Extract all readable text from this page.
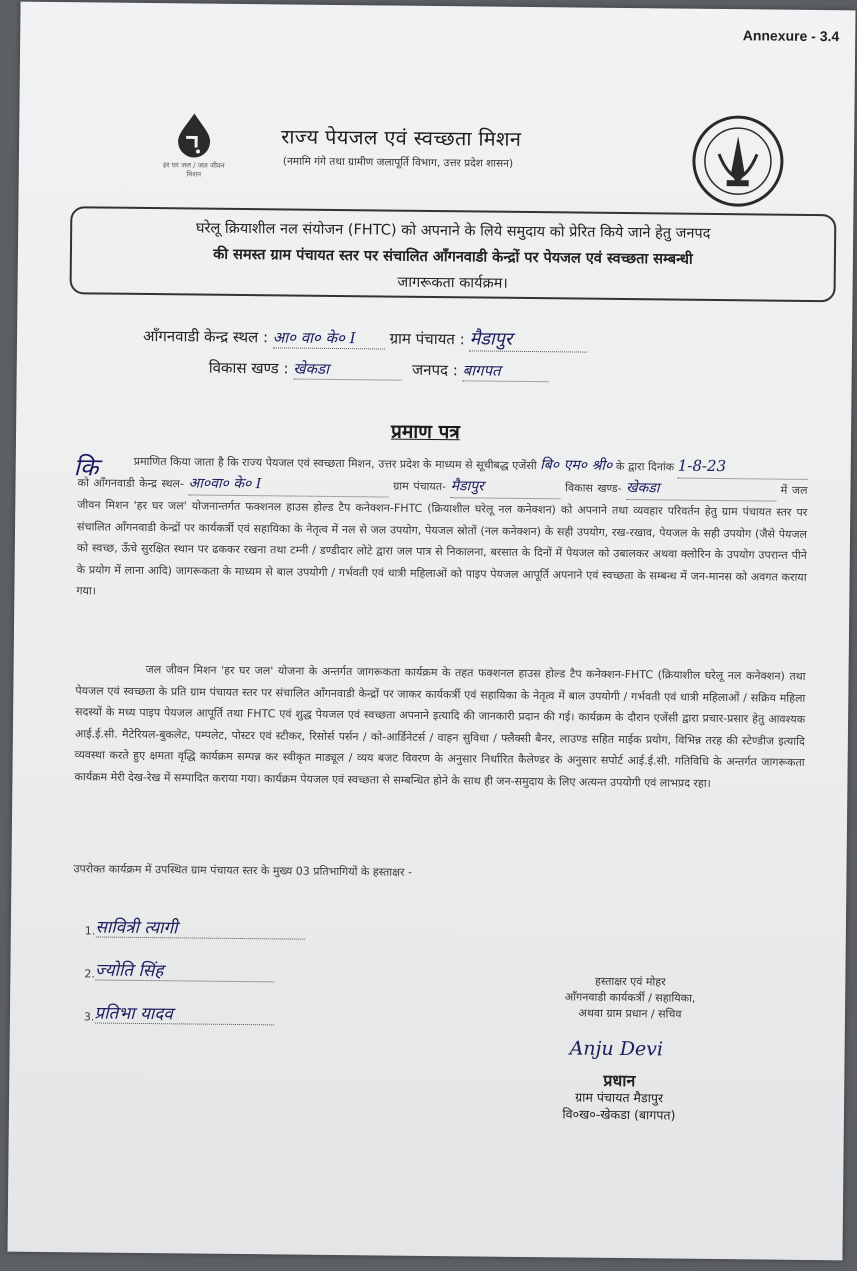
Annexure - 3.4
हर घर जल / जल जीवन मिशन
राज्य पेयजल एवं स्वच्छता मिशन
(नमामि गंगे तथा ग्रामीण जलापूर्ति विभाग, उत्तर प्रदेश शासन)
घरेलू क्रियाशील नल संयोजन (FHTC) को अपनाने के लिये समुदाय को प्रेरित किये जाने हेतु जनपद
की समस्त ग्राम पंचायत स्तर पर संचालित आँगनवाडी केन्द्रों पर पेयजल एवं स्वच्छता सम्बन्धी
जागरूकता कार्यक्रम।
आँगनवाडी केन्द्र स्थल : आ० वा० के० I ग्राम पंचायत : मैडापुर
विकास खण्ड : खेकडा	जनपद : बागपत
प्रमाण पत्र
कि	प्रमाणित किया जाता है कि राज्य पेयजल एवं स्वच्छता मिशन, उत्तर प्रदेश के माध्यम से सूचीबद्ध एजेंसी बि० एम० श्री० के द्वारा दिनांक 1-8-23 को आँगनवाडी केन्द्र स्थल- आ०वा० के० I	ग्राम पंचायत- मैडापुर	विकास खण्ड- खेकडा	में जल जीवन मिशन 'हर घर जल' योजनान्तर्गत फक्शनल हाउस होल्ड टैप कनेक्शन-FHTC (क्रियाशील घरेलू नल कनेक्शन) को अपनाने तथा व्यवहार परिवर्तन हेतु ग्राम पंचायत स्तर पर संचालित आँगनवाडी केन्द्रों पर कार्यकर्त्री एवं सहायिका के नेतृत्व में नल से जल उपयोग, पेयजल स्रोतों (नल कनेक्शन) के सही उपयोग, रख-रखाव, पेयजल के सही उपयोग (जैसे पेयजल को स्वच्छ, ऊँचे सुरक्षित स्थान पर ढककर रखना तथा टम्नी / डण्डीदार लोटे द्वारा जल पात्र से निकालना, बरसात के दिनों में पेयजल को उबालकर अथवा क्लोरिन के उपयोग उपरान्त पीने के प्रयोग में लाना आदि) जागरूकता के माध्यम से बाल उपयोगी / गर्भवती एवं धात्री महिलाओं को पाइप पेयजल आपूर्ति अपनाने एवं स्वच्छता के सम्बन्ध में जन-मानस को अवगत कराया गया।
जल जीवन मिशन 'हर घर जल' योजना के अन्तर्गत जागरूकता कार्यक्रम के तहत फक्शनल हाउस होल्ड टैप कनेक्शन-FHTC (क्रियाशील घरेलू नल कनेक्शन) तथा पेयजल एवं स्वच्छता के प्रति ग्राम पंचायत स्तर पर संचालित आँगनवाडी केन्द्रों पर जाकर कार्यकर्त्री एवं सहायिका के नेतृत्व में बाल उपयोगी / गर्भवती एवं धात्री महिलाओं / सक्रिय महिला सदस्यों के मध्य पाइप पेयजल आपूर्ति तथा FHTC एवं शुद्ध पेयजल एवं स्वच्छता अपनाने इत्यादि की जानकारी प्रदान की गई। कार्यक्रम के दौरान एजेंसी द्वारा प्रचार-प्रसार हेतु आवश्यक आई.ई.सी. मैटेरियल-बुकलेट, पम्पलेट, पोस्टर एवं स्टीकर, रिसोर्स पर्सन / को-आर्डिनेटर्स / वाहन सुविधा / फ्लैक्सी बैनर, लाउण्ड सहित माईक प्रयोग, विभिन्न तरह की स्टेण्डीज इत्यादि व्यवस्था करते हुए क्षमता वृद्धि कार्यक्रम सम्पन्न कर स्वीकृत माड्यूल / व्यय बजट विवरण के अनुसार निर्धारित कैलेण्डर के अनुसार सपोर्ट आई.ई.सी. गतिविधि के अन्तर्गत जागरूकता कार्यक्रम मेरी देख-रेख में सम्पादित कराया गया। कार्यक्रम पेयजल एवं स्वच्छता से सम्बन्धित होने के साथ ही जन-समुदाय के लिए अत्यन्त उपयोगी एवं लाभप्रद रहा।
उपरोक्त कार्यक्रम में उपस्थित ग्राम पंचायत स्तर के मुख्य 03 प्रतिभागियों के हस्ताक्षर -
1. सावित्री त्यागी
2. ज्योति सिंह
3. प्रतिभा यादव
हस्ताक्षर एवं मोहर
आँगनवाडी कार्यकर्त्री / सहायिका,
अथवा ग्राम प्रधान / सचिव
Anju Devi
प्रधान
ग्राम पंचायत मैडापुर
वि०ख०-खेकडा (बागपत)
